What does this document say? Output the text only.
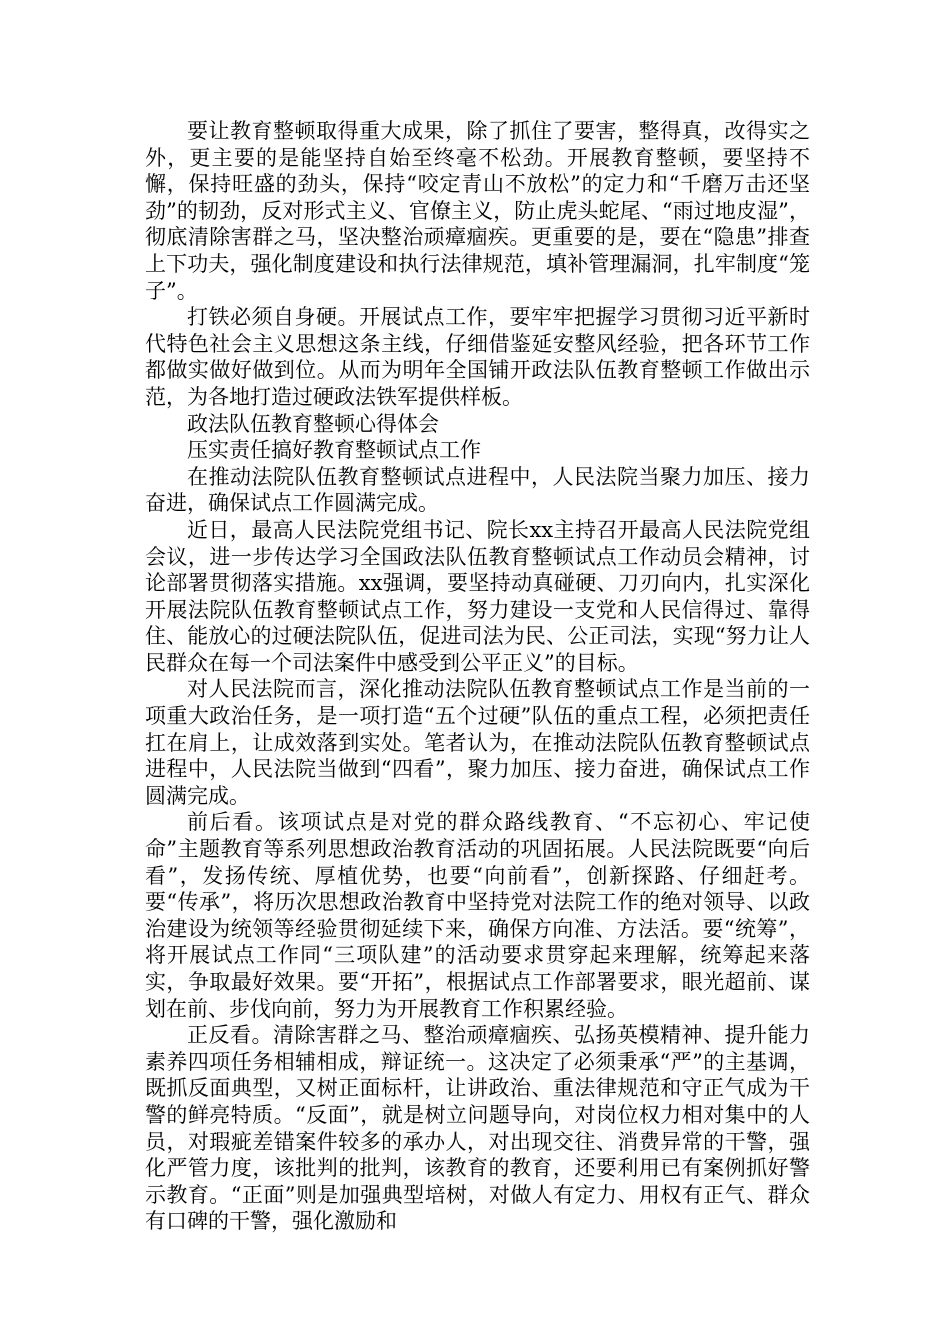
要让教育整顿取得重大成果，除了抓住了要害，整得真，改得实之外，更主要的是能坚持自始至终毫不松劲。开展教育整顿，要坚持不懈，保持旺盛的劲头，保持“咬定青山不放松”的定力和“千磨万击还坚劲”的韧劲，反对形式主义、官僚主义，防止虎头蛇尾、“雨过地皮湿”，彻底清除害群之马，坚决整治顽瘴痼疾。更重要的是，要在“隐患”排查上下功夫，强化制度建设和执行法律规范，填补管理漏洞，扎牢制度“笼子”。

打铁必须自身硬。开展试点工作，要牢牢把握学习贯彻习近平新时代特色社会主义思想这条主线，仔细借鉴延安整风经验，把各环节工作都做实做好做到位。从而为明年全国铺开政法队伍教育整顿工作做出示范，为各地打造过硬政法铁军提供样板。

政法队伍教育整顿心得体会

压实责任搞好教育整顿试点工作

在推动法院队伍教育整顿试点进程中，人民法院当聚力加压、接力奋进，确保试点工作圆满完成。

近日，最高人民法院党组书记、院长xx主持召开最高人民法院党组会议，进一步传达学习全国政法队伍教育整顿试点工作动员会精神，讨论部署贯彻落实措施。xx强调，要坚持动真碰硬、刀刃向内，扎实深化开展法院队伍教育整顿试点工作，努力建设一支党和人民信得过、靠得住、能放心的过硬法院队伍，促进司法为民、公正司法，实现“努力让人民群众在每一个司法案件中感受到公平正义”的目标。

对人民法院而言，深化推动法院队伍教育整顿试点工作是当前的一项重大政治任务，是一项打造“五个过硬”队伍的重点工程，必须把责任扛在肩上，让成效落到实处。笔者认为，在推动法院队伍教育整顿试点进程中，人民法院当做到“四看”，聚力加压、接力奋进，确保试点工作圆满完成。

前后看。该项试点是对党的群众路线教育、“不忘初心、牢记使命”主题教育等系列思想政治教育活动的巩固拓展。人民法院既要“向后看”，发扬传统、厚植优势，也要“向前看”，创新探路、仔细赶考。要“传承”，将历次思想政治教育中坚持党对法院工作的绝对领导、以政治建设为统领等经验贯彻延续下来，确保方向准、方法活。要“统筹”，将开展试点工作同“三项队建”的活动要求贯穿起来理解，统筹起来落实，争取最好效果。要“开拓”，根据试点工作部署要求，眼光超前、谋划在前、步伐向前，努力为开展教育工作积累经验。

正反看。清除害群之马、整治顽瘴痼疾、弘扬英模精神、提升能力素养四项任务相辅相成，辩证统一。这决定了必须秉承“严”的主基调，既抓反面典型，又树正面标杆，让讲政治、重法律规范和守正气成为干警的鲜亮特质。“反面”，就是树立问题导向，对岗位权力相对集中的人员，对瑕疵差错案件较多的承办人，对出现交往、消费异常的干警，强化严管力度，该批判的批判，该教育的教育，还要利用已有案例抓好警示教育。“正面”则是加强典型培树，对做人有定力、用权有正气、群众有口碑的干警，强化激励和
